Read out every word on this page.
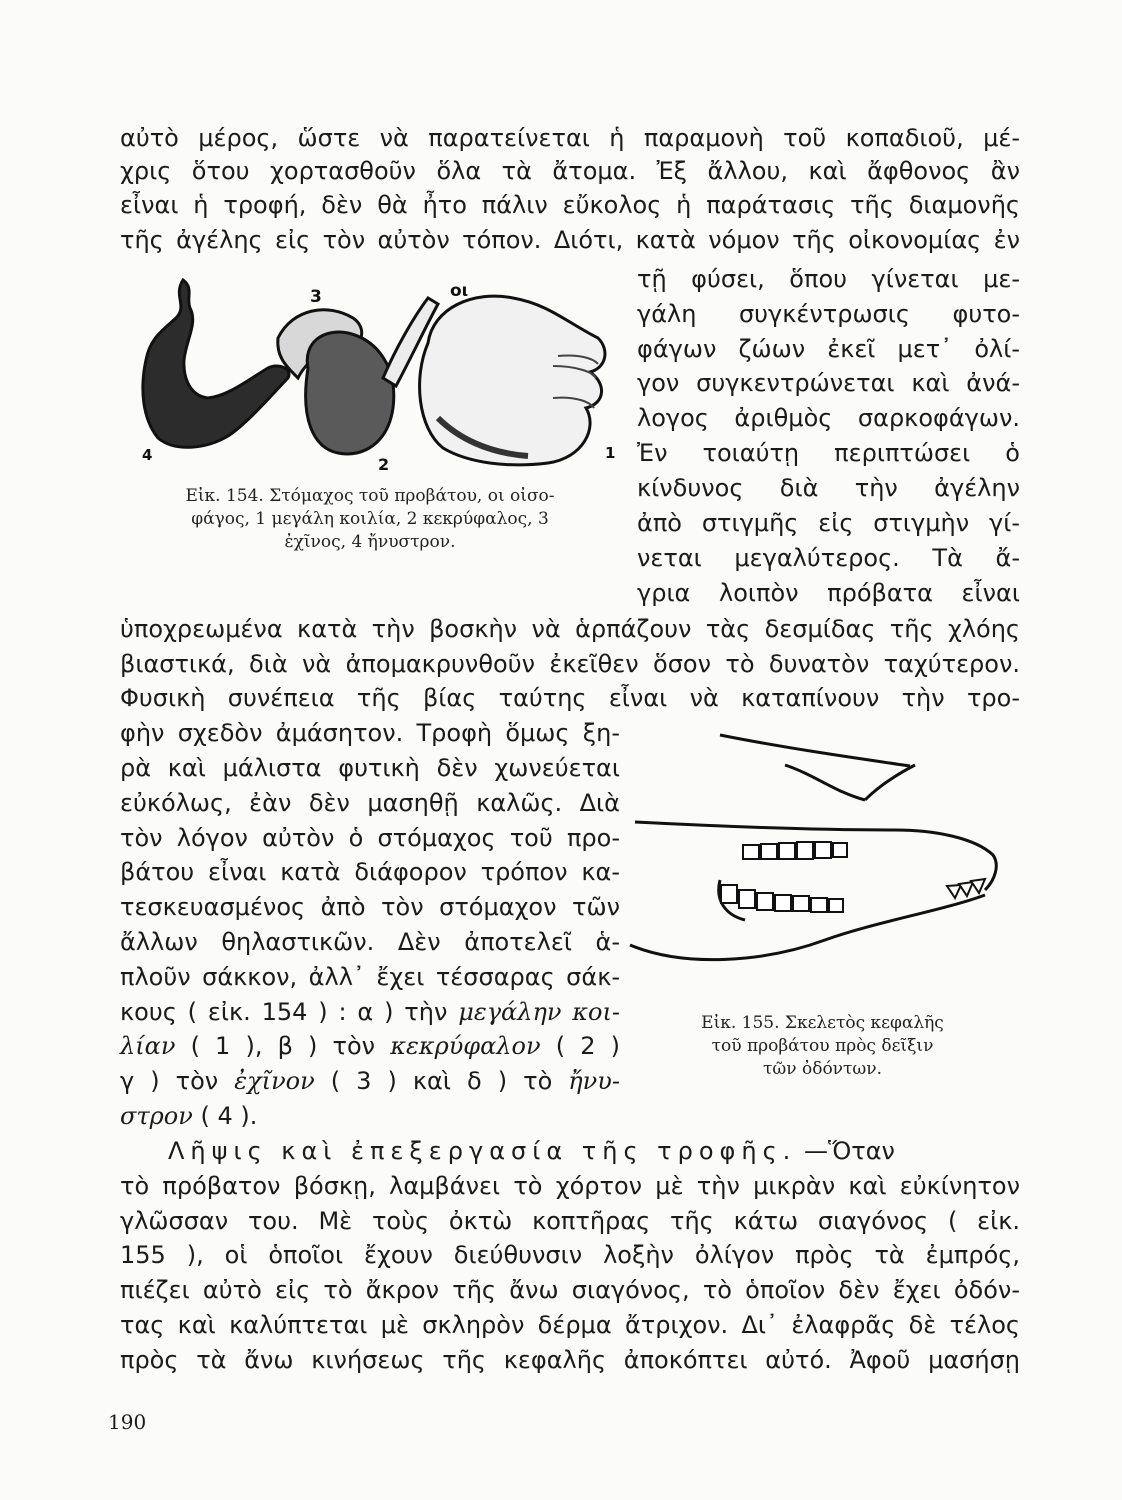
αὐτὸ μέρος, ὥστε νὰ παρατείνεται ἡ παραμονὴ τοῦ κοπαδιοῦ, μέ-
χρις ὅτου χορτασθοῦν ὅλα τὰ ἄτομα. Ἐξ ἄλλου, καὶ ἄφθονος ἂν
εἶναι ἡ τροφή, δὲν θὰ ἦτο πάλιν εὔκολος ἡ παράτασις τῆς διαμονῆς
τῆς ἀγέλης εἰς τὸν αὐτὸν τόπον. Διότι, κατὰ νόμον τῆς οἰκονομίας ἐν
3	οι
4	2
1
Εἰκ. 154. Στόμαχος τοῦ προβάτου, οι οἰσο-
φάγος, 1 μεγάλη κοιλία, 2 κεκρύφαλος, 3
ἐχῖνος, 4 ἤνυστρον.
τῇ φύσει, ὅπου γίνεται με-
γάλη συγκέντρωσις φυτο-
φάγων ζώων ἐκεῖ μετ᾽ ὀλί-
γον συγκεντρώνεται καὶ ἀνά-
λογος ἀριθμὸς σαρκοφάγων.
Ἐν τοιαύτῃ περιπτώσει ὁ
κίνδυνος διὰ τὴν ἀγέλην
ἀπὸ στιγμῆς εἰς στιγμὴν γί-
νεται μεγαλύτερος. Τὰ ἄ-
γρια λοιπὸν πρόβατα εἶναι
ὑποχρεωμένα κατὰ τὴν βοσκὴν νὰ ἁρπάζουν τὰς δεσμίδας τῆς χλόης
βιαστικά, διὰ νὰ ἀπομακρυνθοῦν ἐκεῖθεν ὅσον τὸ δυνατὸν ταχύτερον.
Φυσικὴ συνέπεια τῆς βίας ταύτης εἶναι νὰ καταπίνουν τὴν τρο-
φὴν σχεδὸν ἀμάσητον. Τροφὴ ὅμως ξη-
ρὰ καὶ μάλιστα φυτικὴ δὲν χωνεύεται
εὐκόλως, ἐὰν δὲν μασηθῇ καλῶς. Διὰ
τὸν λόγον αὐτὸν ὁ στόμαχος τοῦ προ-
βάτου εἶναι κατὰ διάφορον τρόπον κα-
τεσκευασμένος ἀπὸ τὸν στόμαχον τῶν
ἄλλων θηλαστικῶν. Δὲν ἀποτελεῖ ἁ-
πλοῦν σάκκον, ἀλλ᾽ ἔχει τέσσαρας σάκ-
κους ( εἰκ. 154 ) : α ) τὴν μεγάλην κοι-
λίαν ( 1 ), β ) τὸν κεκρύφαλον ( 2 )
γ ) τὸν ἐχῖνον ( 3 ) καὶ δ ) τὸ ἤνυ-
στρον ( 4 ).
Εἰκ. 155. Σκελετὸς κεφαλῆς
τοῦ προβάτου πρὸς δεῖξιν
τῶν ὀδόντων.
Λῆψις καὶ ἐπεξεργασία τῆς τροφῆς. —Ὅταν
τὸ πρόβατον βόσκῃ, λαμβάνει τὸ χόρτον μὲ τὴν μικρὰν καὶ εὐκίνητον
γλῶσσαν του. Μὲ τοὺς ὀκτὼ κοπτῆρας τῆς κάτω σιαγόνος ( εἰκ.
155 ), οἱ ὁποῖοι ἔχουν διεύθυνσιν λοξὴν ὀλίγον πρὸς τὰ ἐμπρός,
πιέζει αὐτὸ εἰς τὸ ἄκρον τῆς ἄνω σιαγόνος, τὸ ὁποῖον δὲν ἔχει ὀδόν-
τας καὶ καλύπτεται μὲ σκληρὸν δέρμα ἄτριχον. Δι᾽ ἐλαφρᾶς δὲ τέλος
πρὸς τὰ ἄνω κινήσεως τῆς κεφαλῆς ἀποκόπτει αὐτό. Ἀφοῦ μασήσῃ
190
